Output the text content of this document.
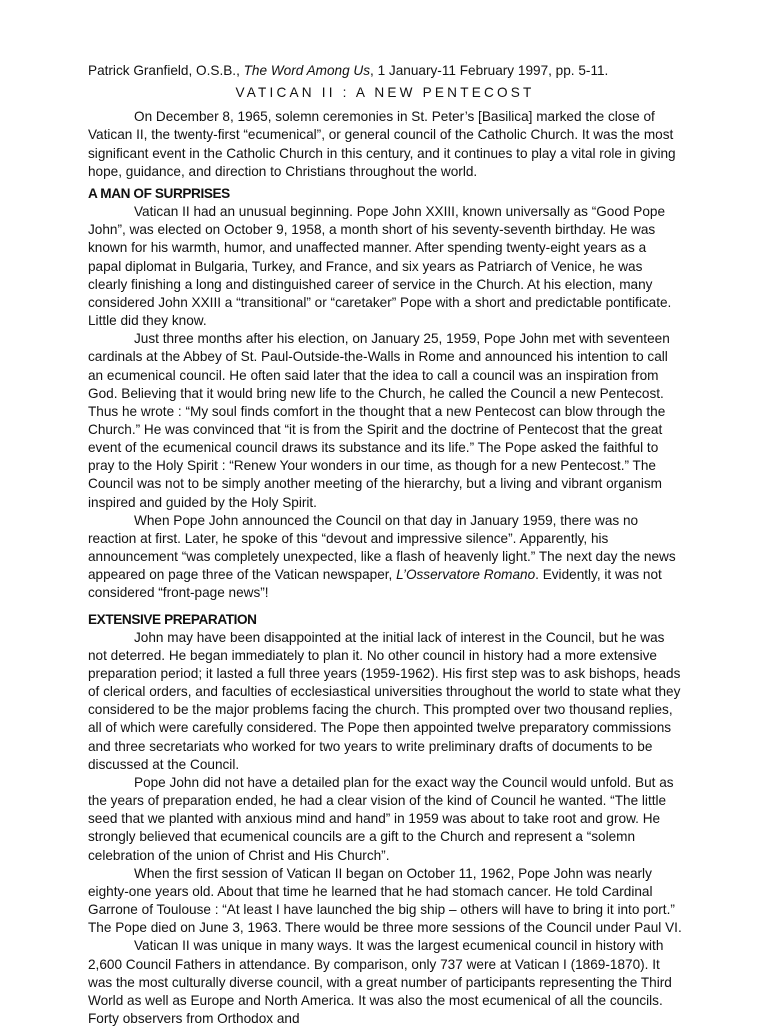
Patrick Granfield, O.S.B., The Word Among Us, 1 January-11 February 1997, pp. 5-11.

VATICAN II : A NEW PENTECOST

On December 8, 1965, solemn ceremonies in St. Peter’s [Basilica] marked the close of Vatican II, the twenty-first “ecumenical”, or general council of the Catholic Church. It was the most significant event in the Catholic Church in this century, and it continues to play a vital role in giving hope, guidance, and direction to Christians throughout the world.

A MAN OF SURPRISES

Vatican II had an unusual beginning. Pope John XXIII, known universally as “Good Pope John”, was elected on October 9, 1958, a month short of his seventy-seventh birthday. He was known for his warmth, humor, and unaffected manner. After spending twenty-eight years as a papal diplomat in Bulgaria, Turkey, and France, and six years as Patriarch of Venice, he was clearly finishing a long and distinguished career of service in the Church. At his election, many considered John XXIII a “transitional” or “caretaker” Pope with a short and predictable pontificate. Little did they know.

Just three months after his election, on January 25, 1959, Pope John met with seventeen cardinals at the Abbey of St. Paul-Outside-the-Walls in Rome and announced his intention to call an ecumenical council. He often said later that the idea to call a council was an inspiration from God. Believing that it would bring new life to the Church, he called the Council a new Pentecost. Thus he wrote : “My soul finds comfort in the thought that a new Pentecost can blow through the Church.” He was convinced that “it is from the Spirit and the doctrine of Pentecost that the great event of the ecumenical council draws its substance and its life.” The Pope asked the faithful to pray to the Holy Spirit : “Renew Your wonders in our time, as though for a new Pentecost.” The Council was not to be simply another meeting of the hierarchy, but a living and vibrant organism inspired and guided by the Holy Spirit.

When Pope John announced the Council on that day in January 1959, there was no reaction at first. Later, he spoke of this “devout and impressive silence”. Apparently, his announcement “was completely unexpected, like a flash of heavenly light.” The next day the news appeared on page three of the Vatican newspaper, L’Osservatore Romano. Evidently, it was not considered “front-page news”!

EXTENSIVE PREPARATION

John may have been disappointed at the initial lack of interest in the Council, but he was not deterred. He began immediately to plan it. No other council in history had a more extensive preparation period; it lasted a full three years (1959-1962). His first step was to ask bishops, heads of clerical orders, and faculties of ecclesiastical universities throughout the world to state what they considered to be the major problems facing the church. This prompted over two thousand replies, all of which were carefully considered. The Pope then appointed twelve preparatory commissions and three secretariats who worked for two years to write preliminary drafts of documents to be discussed at the Council.

Pope John did not have a detailed plan for the exact way the Council would unfold. But as the years of preparation ended, he had a clear vision of the kind of Council he wanted. “The little seed that we planted with anxious mind and hand” in 1959 was about to take root and grow. He strongly believed that ecumenical councils are a gift to the Church and represent a “solemn celebration of the union of Christ and His Church”.

When the first session of Vatican II began on October 11, 1962, Pope John was nearly eighty-one years old. About that time he learned that he had stomach cancer. He told Cardinal Garrone of Toulouse : “At least I have launched the big ship – others will have to bring it into port.” The Pope died on June 3, 1963. There would be three more sessions of the Council under Paul VI.

Vatican II was unique in many ways. It was the largest ecumenical council in history with 2,600 Council Fathers in attendance. By comparison, only 737 were at Vatican I (1869-1870). It was the most culturally diverse council, with a great number of participants representing the Third World as well as Europe and North America. It was also the most ecumenical of all the councils. Forty observers from Orthodox and
